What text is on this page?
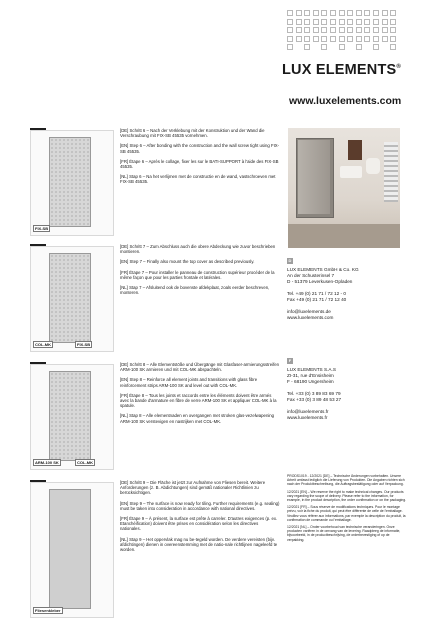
LUX ELEMENTS®
www.luxelements.com
FIX-SB

[DE] Schritt 6 – Nach der Verklebung mit der Konstruktion und der Wand die Verschraubung mit FIX-SB 45535 vornehmen.

[EN] Step 6 – After bonding with the construction and the wall screw tight using FIX-SB 45535.

[FR] Étape 6 – Après le collage, fixer les sur le BATI-SUPPORT à l'aide des FIX-SB 45535.

[NL] Stap 6 – Na het verlijmen met de constructie en de wand, vastschroeven met FIX-SB 45535.

COL-MK	FIX-SB

[DE] Schritt 7 – Zum Abschluss auch die obere Abdeckung wie zuvor beschrieben montieren.

[EN] Step 7 – Finally also mount the top cover as described previously.

[FR] Étape 7 – Pour installer le panneau de construction supérieur procéder de la même façon que pour les parties frontale et latérales.

[NL] Stap 7 – Afsluitend ook de bovenste afdekplaat, zoals eerder beschreven, monteren.

ARM-100 SK	COL-MK

[DE] Schritt 8 – Alle Elementstöße und Übergänge mit Glasfaser-armierungsstreifen ARM-100 SK armieren und mit COL-MK abspachteln.

[EN] Step 8 – Reinforce all element joints and transitions with glass fibre reinforcement strips ARM-100 SK and level out with COL-MK.

[FR] Étape 8 – Tous les joints et raccords entre les éléments doivent être armés avec la bande d'armature en fibre de verre ARM-100 SK et appliquer COL-MK à la spatule.

[NL] Stap 8 – Alle elementnaden en overgangen met stroken glas-vezelwapening ARM-100 SK verstevigen en nastrijken met COL-MK.

Fliesenkleber

[DE] Schritt 9 – Die Fläche ist jetzt zur Aufnahme von Fliesen bereit. Weitere Anforderungen (z. B. Abdichtungen) sind gemäß nationaler Richtlinien zu berücksichtigen.

[EN] Step 9 – The surface is now ready for tiling. Further requirements (e.g. sealing) must be taken into consideration in accordance with national directives.

[FR] Étape 9 – À présent, la surface est prête à carreler. D'autres exigences (p. ex. Etanchéification) doivent être prises en considération selon les directives nationales.

[NL] Stap 9 – Het oppervlak mag nu be-tegeld worden. De verdere vereisten (bijv. afdichtingen) dienen in overeenstemming met de natio-nale richtlijnen nageleefd te worden.

D
LUX ELEMENTS GmbH & Co. KG
An der Schusterinsel 7
D - 51379 Leverkusen-Opladen
Tel. +49 (0) 21 71 / 72 12 - 0
Fax +49 (0) 21 71 / 72 12 40
info@luxelements.de
www.luxelements.com
F
LUX ELEMENTS S.A.S
ZI-31, rue d'Ensisheim
F - 68190 Ungersheim
Tel. +33 (0) 3 89 83 69 79
Fax +33 (0) 3 89 48 53 27
info@luxelements.fr
www.luxelements.fr

PRODS1019 - 12/2021 [DE] – Technische Änderungen vorbehalten. Unsere Arbeit umfasst lediglich die Lieferung von Produkten. Die Angaben richten sich nach der Produktbeschreibung, die Auftragsbestätigung oder auf Verpackung.

12/2021 [EN] – We reserve the right to make technical changes. Our products vary regarding the scope of delivery. Please refer to the information, for example, in the product description, the order confirmation or on the packaging.

12/2021 [FR] – Sous réserve de modifications techniques. Pour le montage prévu, voir la fiche du produit, qui peut être différente de celle de l'emballage. Veuillez vous référer aux informations, par exemple la description du produit, la confirmation de commande ou l'emballage.

12/2021 [NL] – Onder voorbehoud van technische veranderingen. Onze producten variëren in de omvang van de levering. Raadpleeg de informatie, bijvoorbeeld, in de productbeschrijving, de orderbevestiging of op de verpakking.
